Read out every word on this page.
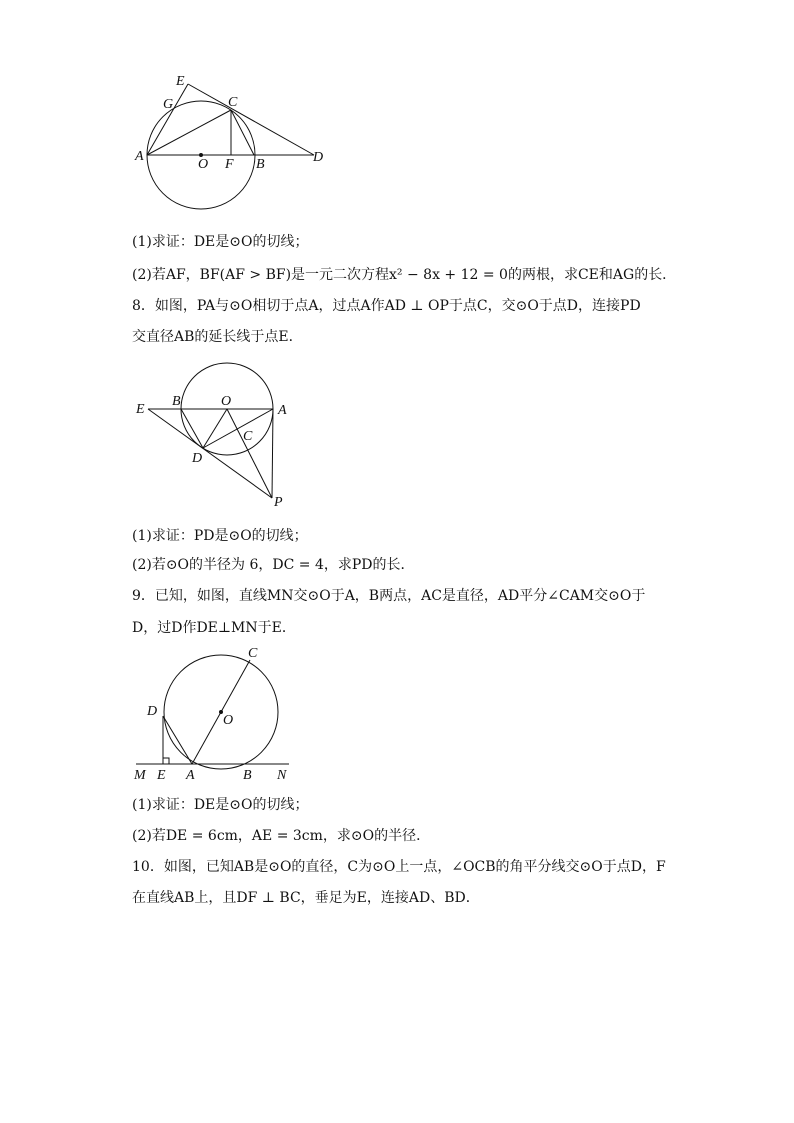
E
G	C
A
O F B	D
(1)求证：DE是⊙O的切线；
(2)若AF，BF(AF > BF)是一元二次方程x² − 8x + 12 = 0的两根，求CE和AG的长．
8．如图，PA与⊙O相切于点A，过点A作AD ⊥ OP于点C，交⊙O于点D，连接PD
交直径AB的延长线于点E．
E
B	O
A
C
D
P
(1)求证：PD是⊙O的切线；
(2)若⊙O的半径为 6，DC = 4，求PD的长．
9．已知，如图，直线MN交⊙O于A，B两点，AC是直径，AD平分∠CAM交⊙O于
D，过D作DE⊥MN于E．
C
D
O
M E A	B N
(1)求证：DE是⊙O的切线；
(2)若DE = 6cm，AE = 3cm，求⊙O的半径．
10．如图，已知AB是⊙O的直径，C为⊙O上一点，∠OCB的角平分线交⊙O于点D，F
在直线AB上，且DF ⊥ BC，垂足为E，连接AD、BD．
